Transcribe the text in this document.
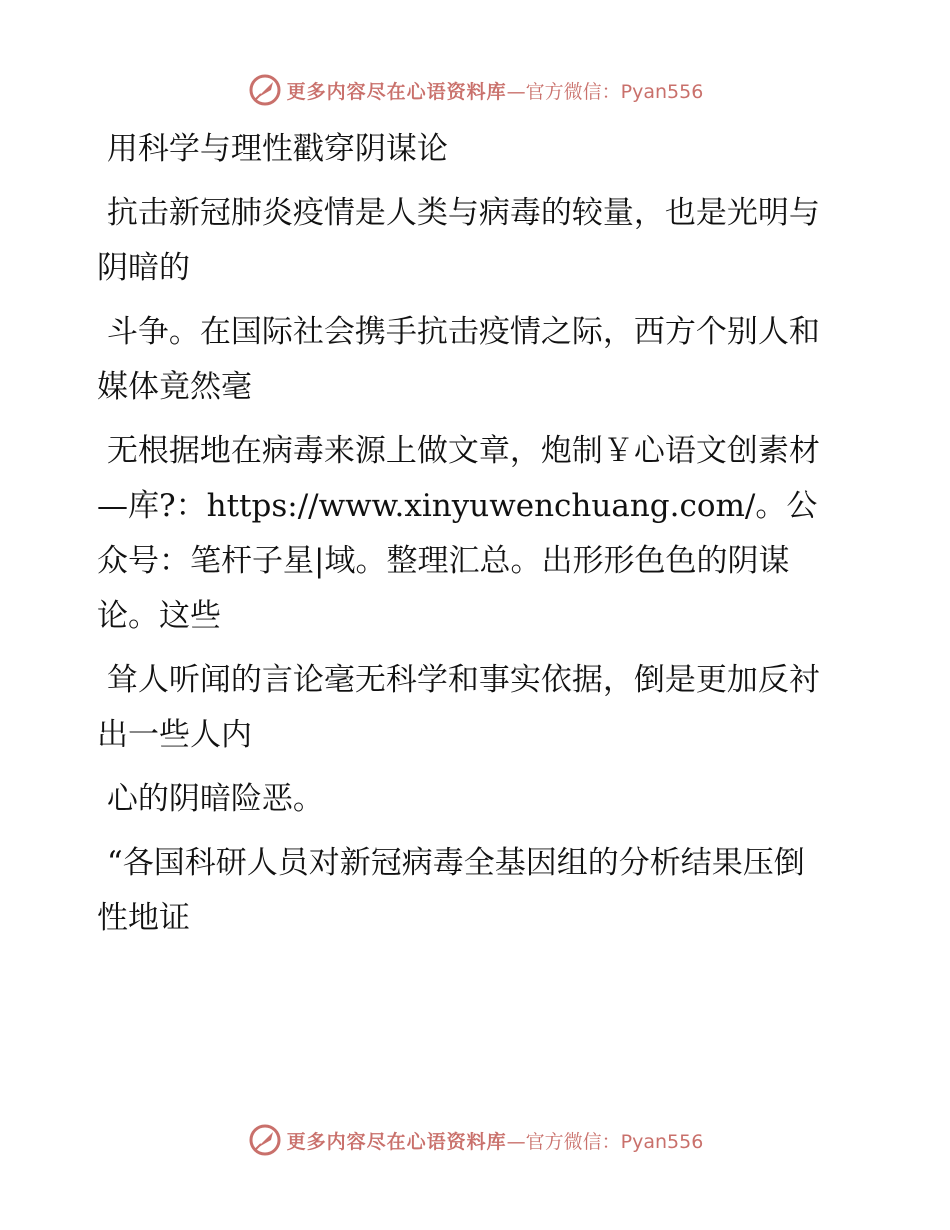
更多内容尽在心语资料库 —官方微信：Pyan556

用科学与理性戳穿阴谋论

抗击新冠肺炎疫情是人类与病毒的较量，也是光明与阴暗的

斗争。在国际社会携手抗击疫情之际，西方个别人和媒体竟然毫

无根据地在病毒来源上做文章，炮制￥心语文创素材—库?：https://www.xinyuwenchuang.com/。公众号：笔杆子星|域。整理汇总。出形形色色的阴谋论。这些

耸人听闻的言论毫无科学和事实依据，倒是更加反衬出一些人内

心的阴暗险恶。

“各国科研人员对新冠病毒全基因组的分析结果压倒性地证

更多内容尽在心语资料库 —官方微信：Pyan556
